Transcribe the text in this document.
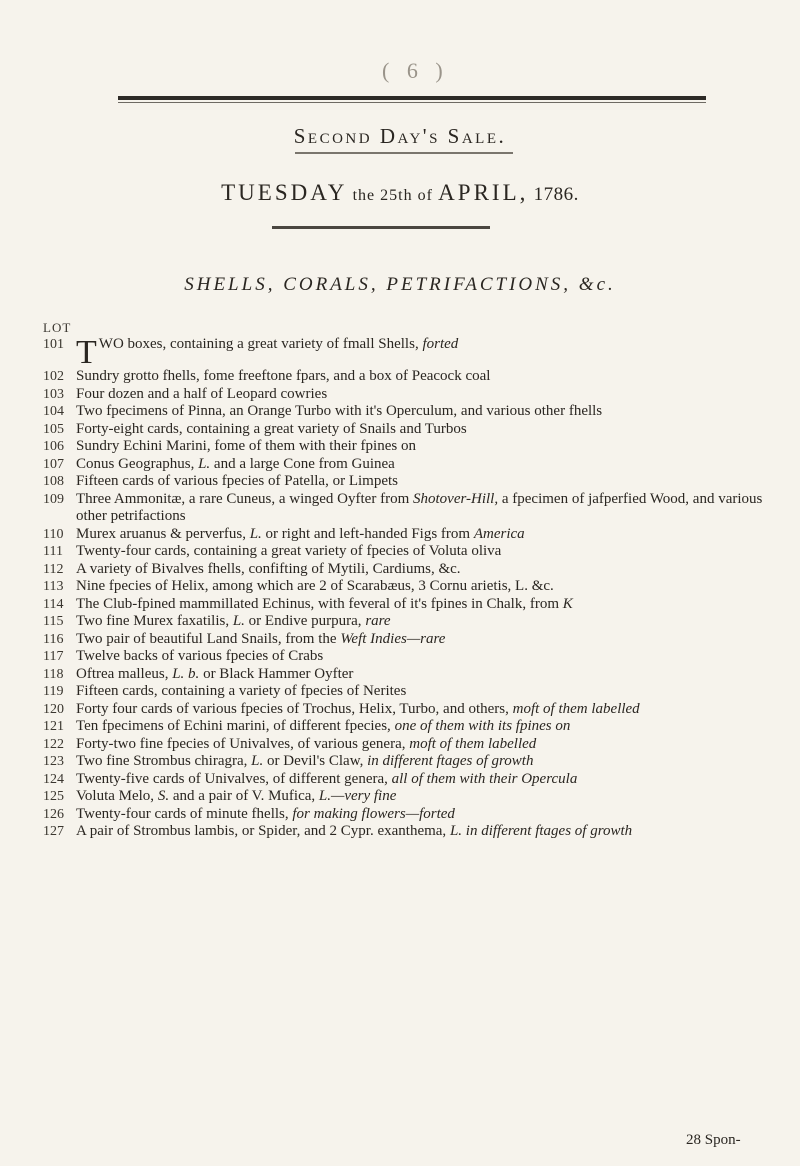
( 6 )
Second Day's Sale.
TUESDAY the 25th of APRIL, 1786.
SHELLS, CORALS, PETRIFACTIONS, &c.
LOT
101 TWO boxes, containing a great variety of fmall Shells, forted
102 Sundry grotto fhells, fome freeftone fpars, and a box of Peacock coal
103 Four dozen and a half of Leopard cowries
104 Two fpecimens of Pinna, an Orange Turbo with it's Operculum, and various other fhells
105 Forty-eight cards, containing a great variety of Snails and Turbos
106 Sundry Echini Marini, fome of them with their fpines on
107 Conus Geographus, L. and a large Cone from Guinea
108 Fifteen cards of various fpecies of Patella, or Limpets
109 Three Ammonitæ, a rare Cuneus, a winged Oyfter from Shotover-Hill, a fpecimen of jafperfied Wood, and various other petrifactions
110 Murex aruanus & perverfus, L. or right and left-handed Figs from America
111 Twenty-four cards, containing a great variety of fpecies of Voluta oliva
112 A variety of Bivalves fhells, confifting of Mytili, Cardiums, &c.
113 Nine fpecies of Helix, among which are 2 of Scarabæus, 3 Cornu arietis, L. &c.
114 The Club-fpined mammillated Echinus, with feveral of it's fpines in Chalk, from K
115 Two fine Murex faxatilis, L. or Endive purpura, rare
116 Two pair of beautiful Land Snails, from the Weft Indies—rare
117 Twelve backs of various fpecies of Crabs
118 Oftrea malleus, L. b. or Black Hammer Oyfter
119 Fifteen cards, containing a variety of fpecies of Nerites
120 Forty four cards of various fpecies of Trochus, Helix, Turbo, and others, moft of them labelled
121 Ten fpecimens of Echini marini, of different fpecies, one of them with its fpines on
122 Forty-two fine fpecies of Univalves, of various genera, moft of them labelled
123 Two fine Strombus chiragra, L. or Devil's Claw, in different ftages of growth
124 Twenty-five cards of Univalves, of different genera, all of them with their Opercula
125 Voluta Melo, S. and a pair of V. Mufica, L.—very fine
126 Twenty-four cards of minute fhells, for making flowers—forted
127 A pair of Strombus lambis, or Spider, and 2 Cypr. exanthema, L. in different ftages of growth
28 Spon-
